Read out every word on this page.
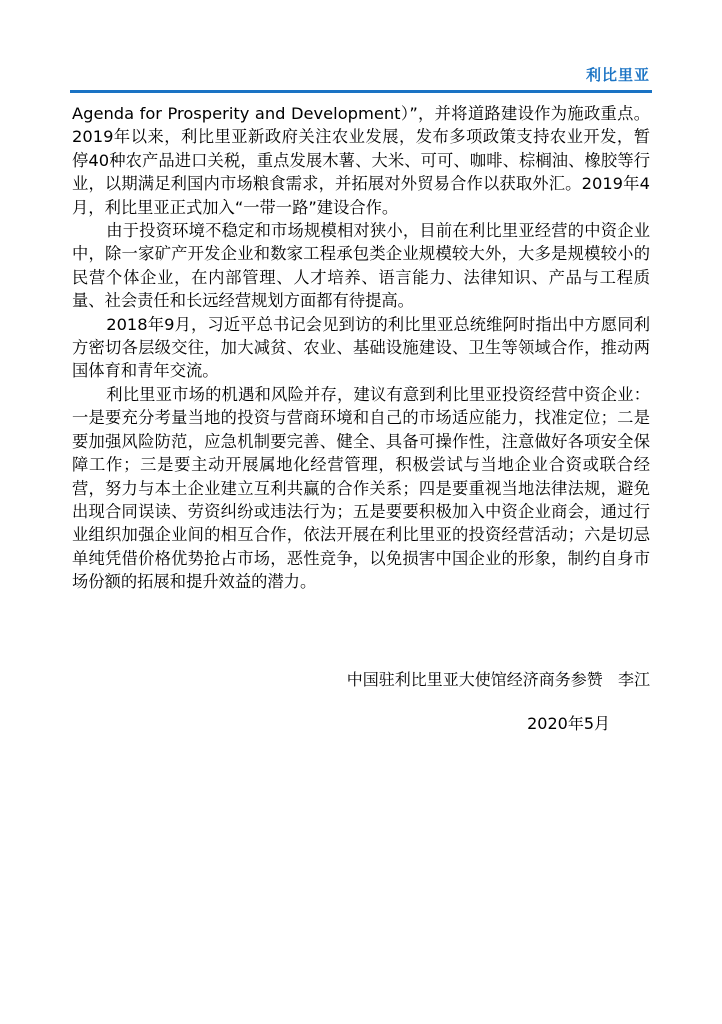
利比里亚

Agenda for Prosperity and Development）”，并将道路建设作为施政重点。2019年以来，利比里亚新政府关注农业发展，发布多项政策支持农业开发，暂停40种农产品进口关税，重点发展木薯、大米、可可、咖啡、棕榈油、橡胶等行业，以期满足利国内市场粮食需求，并拓展对外贸易合作以获取外汇。2019年4月，利比里亚正式加入“一带一路”建设合作。

由于投资环境不稳定和市场规模相对狭小，目前在利比里亚经营的中资企业中，除一家矿产开发企业和数家工程承包类企业规模较大外，大多是规模较小的民营个体企业，在内部管理、人才培养、语言能力、法律知识、产品与工程质量、社会责任和长远经营规划方面都有待提高。

2018年9月，习近平总书记会见到访的利比里亚总统维阿时指出中方愿同利方密切各层级交往，加大减贫、农业、基础设施建设、卫生等领域合作，推动两国体育和青年交流。

利比里亚市场的机遇和风险并存，建议有意到利比里亚投资经营中资企业：一是要充分考量当地的投资与营商环境和自己的市场适应能力，找准定位；二是要加强风险防范，应急机制要完善、健全、具备可操作性，注意做好各项安全保障工作；三是要主动开展属地化经营管理，积极尝试与当地企业合资或联合经营，努力与本土企业建立互利共赢的合作关系；四是要重视当地法律法规，避免出现合同误读、劳资纠纷或违法行为；五是要要积极加入中资企业商会，通过行业组织加强企业间的相互合作，依法开展在利比里亚的投资经营活动；六是切忌单纯凭借价格优势抢占市场，恶性竞争，以免损害中国企业的形象，制约自身市场份额的拓展和提升效益的潜力。

中国驻利比里亚大使馆经济商务参赞   李江
2020年5月
